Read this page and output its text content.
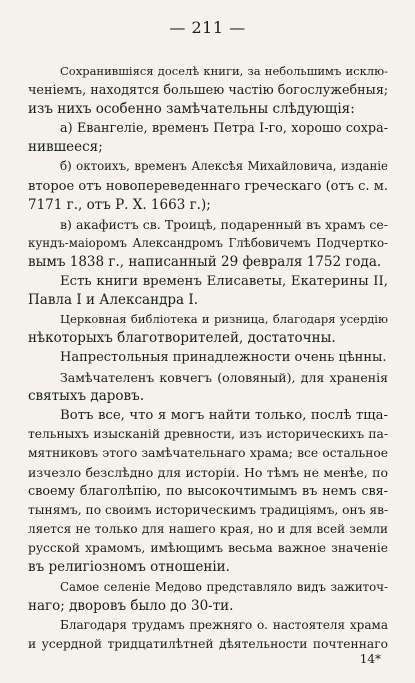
— 211 —
Сохранившіяся доселѣ книги, за небольшимъ исклю-
ченіемъ, находятся большею частію богослужебныя;
изъ нихъ особенно замѣчательны слѣдующія:
а) Евангеліе, временъ Петра I-го, хорошо сохра-
нившееся;
б) октоихъ, временъ Алексѣя Михайловича, изданіе
второе отъ новопереведеннаго греческаго (отъ с. м.
7171 г., отъ Р. Х. 1663 г.);
в) акафистъ св. Троицѣ, подаренный въ храмъ се-
кундъ-маіоромъ Александромъ Глѣбовичемъ Подчертко-
вымъ 1838 г., написанный 29 февраля 1752 года.
Есть книги временъ Елисаветы, Екатерины II,
Павла I и Александра I.
Церковная библіотека и ризница, благодаря усердію
нѣкоторыхъ благотворителей, достаточны.
Напрестольныя принадлежности очень цѣнны.
Замѣчателенъ ковчегъ (оловяный), для храненія
святыхъ даровъ.
Вотъ все, что я могъ найти только, послѣ тща-
тельныхъ изысканій древности, изъ историческихъ па-
мятниковъ этого замѣчательнаго храма; все остальное
изчезло безслѣдно для исторіи. Но тѣмъ не менѣе, по
своему благолѣпію, по высокочтимымъ въ немъ свя-
тынямъ, по своимъ историческимъ традиціямъ, онъ яв-
ляется не только для нашего края, но и для всей земли
русской храмомъ, имѣющимъ весьма важное значеніе
въ религіозномъ отношеніи.
Самое селеніе Медово представляло видъ зажиточ-
наго; дворовъ было до 30-ти.
Благодаря трудамъ прежняго о. настоятеля храма
и усердной тридцатилѣтней дѣятельности почтеннаго
14*
